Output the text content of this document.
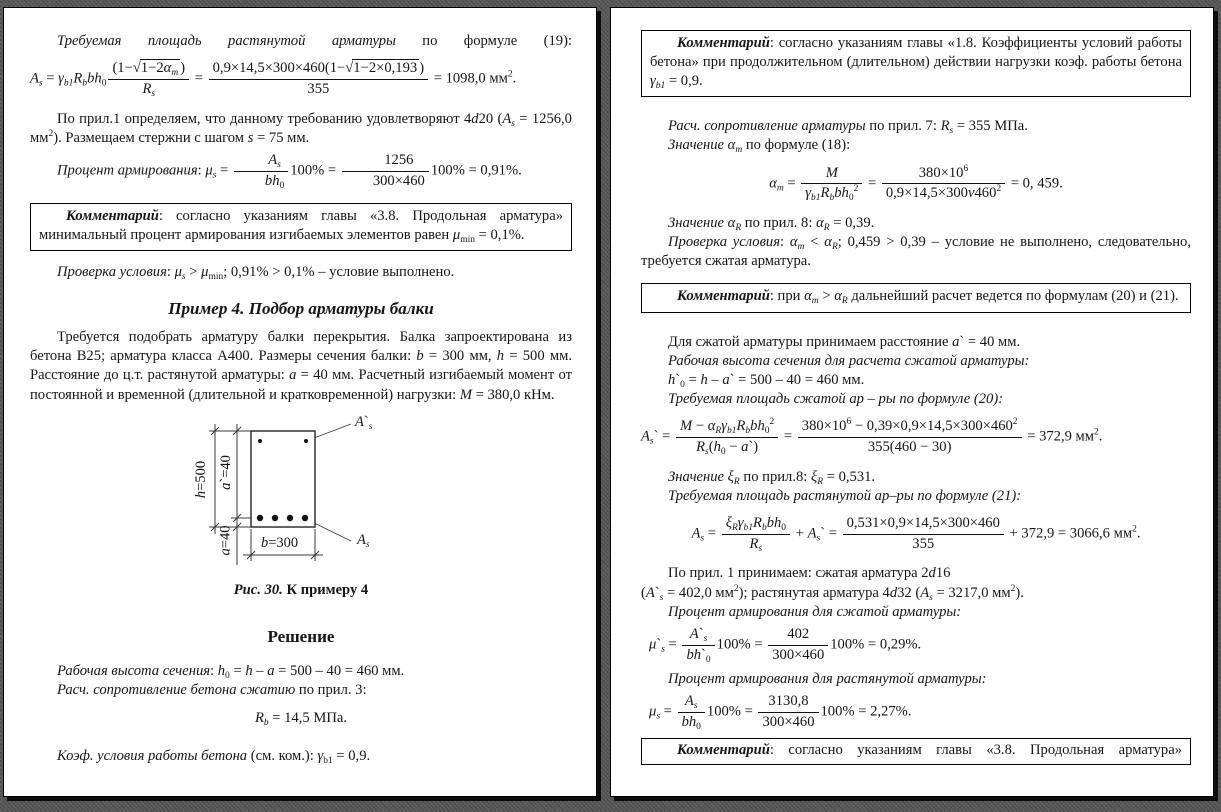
Требуемая площадь растянутой арматуры по формуле (19):

$A_s = \gamma_{b1}R_bbh_0 \frac{(1-√1-2\alpha_m )}{R_s} = \frac{0,9\times 14,5\times 300\times 460(1-√1-2\times 0,193 )}{355} = 1098,0$ $мм^2$.

По прил.1 определяем, что данному требованию удовлетворяют 4d20 ($A_s = 1256,0$ $мм^2$). Размещаем стержни с шагом s = 75 мм.

Процент армирования: $\mu_s = \frac{A_s}{bh_0} 100\% = \frac{1256}{300\times 460} 100\% = 0,91\%$.

Комментарий: согласно указаниям главы «3.8. Продольная арматура» минимальный процент армирования изгибаемых элементов равен $\mu_{min} = 0,1\%$.

Проверка условия: $\mu_s > \mu_{min}$; 0,91% > 0,1% – условие выполнено.

Пример 4. Подбор арматуры балки

Требуется подобрать арматуру балки перекрытия. Балка запроектирована из бетона В25; арматура класса А400. Размеры сечения балки: b = 300 мм, h = 500 мм. Расстояние до ц.т. растянутой арматуры: a = 40 мм. Расчетный изгибаемый момент от постоянной и временной (длительной и кратковременной) нагрузки: M = 380,0 кНм.

$A`_s$
$A_s$
h=500 a`=40
a=40 b=300
Рис. 30. К примеру 4
Решение

Рабочая высота сечения: $h_0 = h - a = 500 - 40 = 460$ мм.

Расч. сопротивление бетона сжатию по прил. 3:

$R_b = 14,5$ МПа.

Коэф. условия работы бетона (см. ком.): $\gamma_{b1} = 0,9$.

Комментарий: согласно указаниям главы «1.8. Коэффициенты условий работы бетона» при продолжительном (длительном) действии нагрузки коэф. работы бетона $\gamma_{b1} = 0,9$.

Расч. сопротивление арматуры по прил. 7: $R_s = 355$ МПа.

Значение $\alpha_m$ по формуле (18):

$\alpha_m = \frac{M}{\gamma_{b1}R_bbh_0^2} = \frac{380\times 10^6}{0,9\times 14,5\times 300v460^2} = 0$, 459.

Значение $\alpha_R$ по прил. 8: $\alpha_R = 0,39$.

Проверка условия: $\alpha_m < \alpha_R$; 0,459 > 0,39 – условие не выполнено, следовательно, требуется сжатая арматура.

Комментарий: при $\alpha_m > \alpha_R$ дальнейший расчет ведется по формулам (20) и (21).

Для сжатой арматуры принимаем расстояние a` = 40 мм.

Рабочая высота сечения для расчета сжатой арматуры:

$h`_0 = h$ – a` = 500 – 40 = 460 мм.

Требуемая площадь сжатой ар – ры по формуле (20):

$A_s` = \frac{M - \alpha_R\gamma_{b1}R_bbh_0^2}{R_s(h_0 - a`)} = \frac{380\times 10^6 - 0,39\times 0,9\times 14,5\times 300\times 460^2}{355(460 - 30)} = 372,9$ $мм^2$.

Значение $\xi_R$ по прил.8: $\xi_R = 0,531$.

Требуемая площадь растянутой ар–ры по формуле (21):

$A_s = \frac{\xi_R\gamma_{b1}R_bbh_0}{R_s}$ + $A_s` = \frac{0,531\times 0,9\times 14,5\times 300\times 460}{355} + 372,9 = 3066,6$ $мм^2$.

По прил. 1 принимаем: сжатая арматура 2d16

($A`_s = 402,0$ $мм^2$); растянутая арматура 4d32 ($A_s = 3217,0$ $мм^2$).

Процент армирования для сжатой арматуры:

$\mu`_s = \frac{A`_s}{bh`_0} 100\% = \frac{402}{300\times 460} 100\% = 0,29\%$.

Процент армирования для растянутой арматуры:

$\mu_s = \frac{A_s}{bh_0} 100\% = \frac{3130,8}{300\times 460} 100\% = 2,27\%$.
Комментарий: согласно указаниям главы «3.8. Продольная арматура»
